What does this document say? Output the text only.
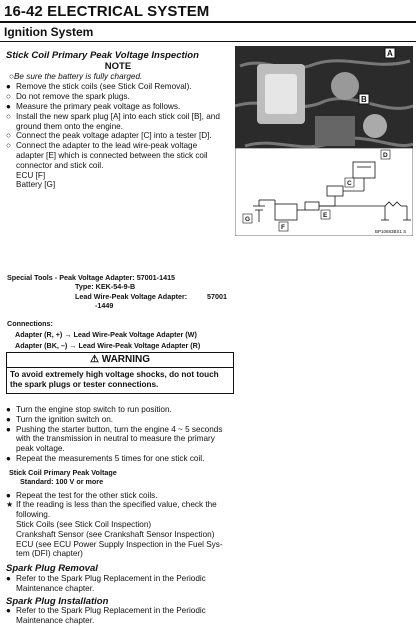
16-42 ELECTRICAL SYSTEM
Ignition System
A
B
D
C
E
F
G
BP10683BS1 S
Stick Coil Primary Peak Voltage Inspection
NOTE
○Be sure the battery is fully charged.
● Remove the stick coils (see Stick Coil Removal).
○ Do not remove the spark plugs.
● Measure the primary peak voltage as follows.
○ Install the new spark plug [A] into each stick coil [B], and
ground them onto the engine.
○ Connect the peak voltage adapter [C] into a tester [D].
○ Connect the adapter to the lead wire-peak voltage
adapter [E] which is connected between the stick coil
connector and stick coil.
ECU [F]
Battery [G]
Special Tools - Peak Voltage Adapter: 57001-1415
Type: KEK-54-9-B
Lead Wire-Peak Voltage Adapter:	57001
-1449
Connections:
Adapter (R, +) → Lead Wire-Peak Voltage Adapter (W)
Adapter (BK, –) → Lead Wire-Peak Voltage Adapter (R)
⚠ WARNING
To avoid extremely high voltage shocks, do not touch the spark plugs or tester connections.
● Turn the engine stop switch to run position.
● Turn the ignition switch on.
● Pushing the starter button, turn the engine 4 ~ 5 seconds
with the transmission in neutral to measure the primary
peak voltage.
● Repeat the measurements 5 times for one stick coil.
Stick Coil Primary Peak Voltage
Standard: 100 V or more
● Repeat the test for the other stick coils.
★ If the reading is less than the specified value, check the
following.
Stick Coils (see Stick Coil Inspection)
Crankshaft Sensor (see Crankshaft Sensor Inspection)
ECU (see ECU Power Supply Inspection in the Fuel Sys-
tem (DFI) chapter)
Spark Plug Removal
● Refer to the Spark Plug Replacement in the Periodic
Maintenance chapter.
Spark Plug Installation
● Refer to the Spark Plug Replacement in the Periodic
Maintenance chapter.
